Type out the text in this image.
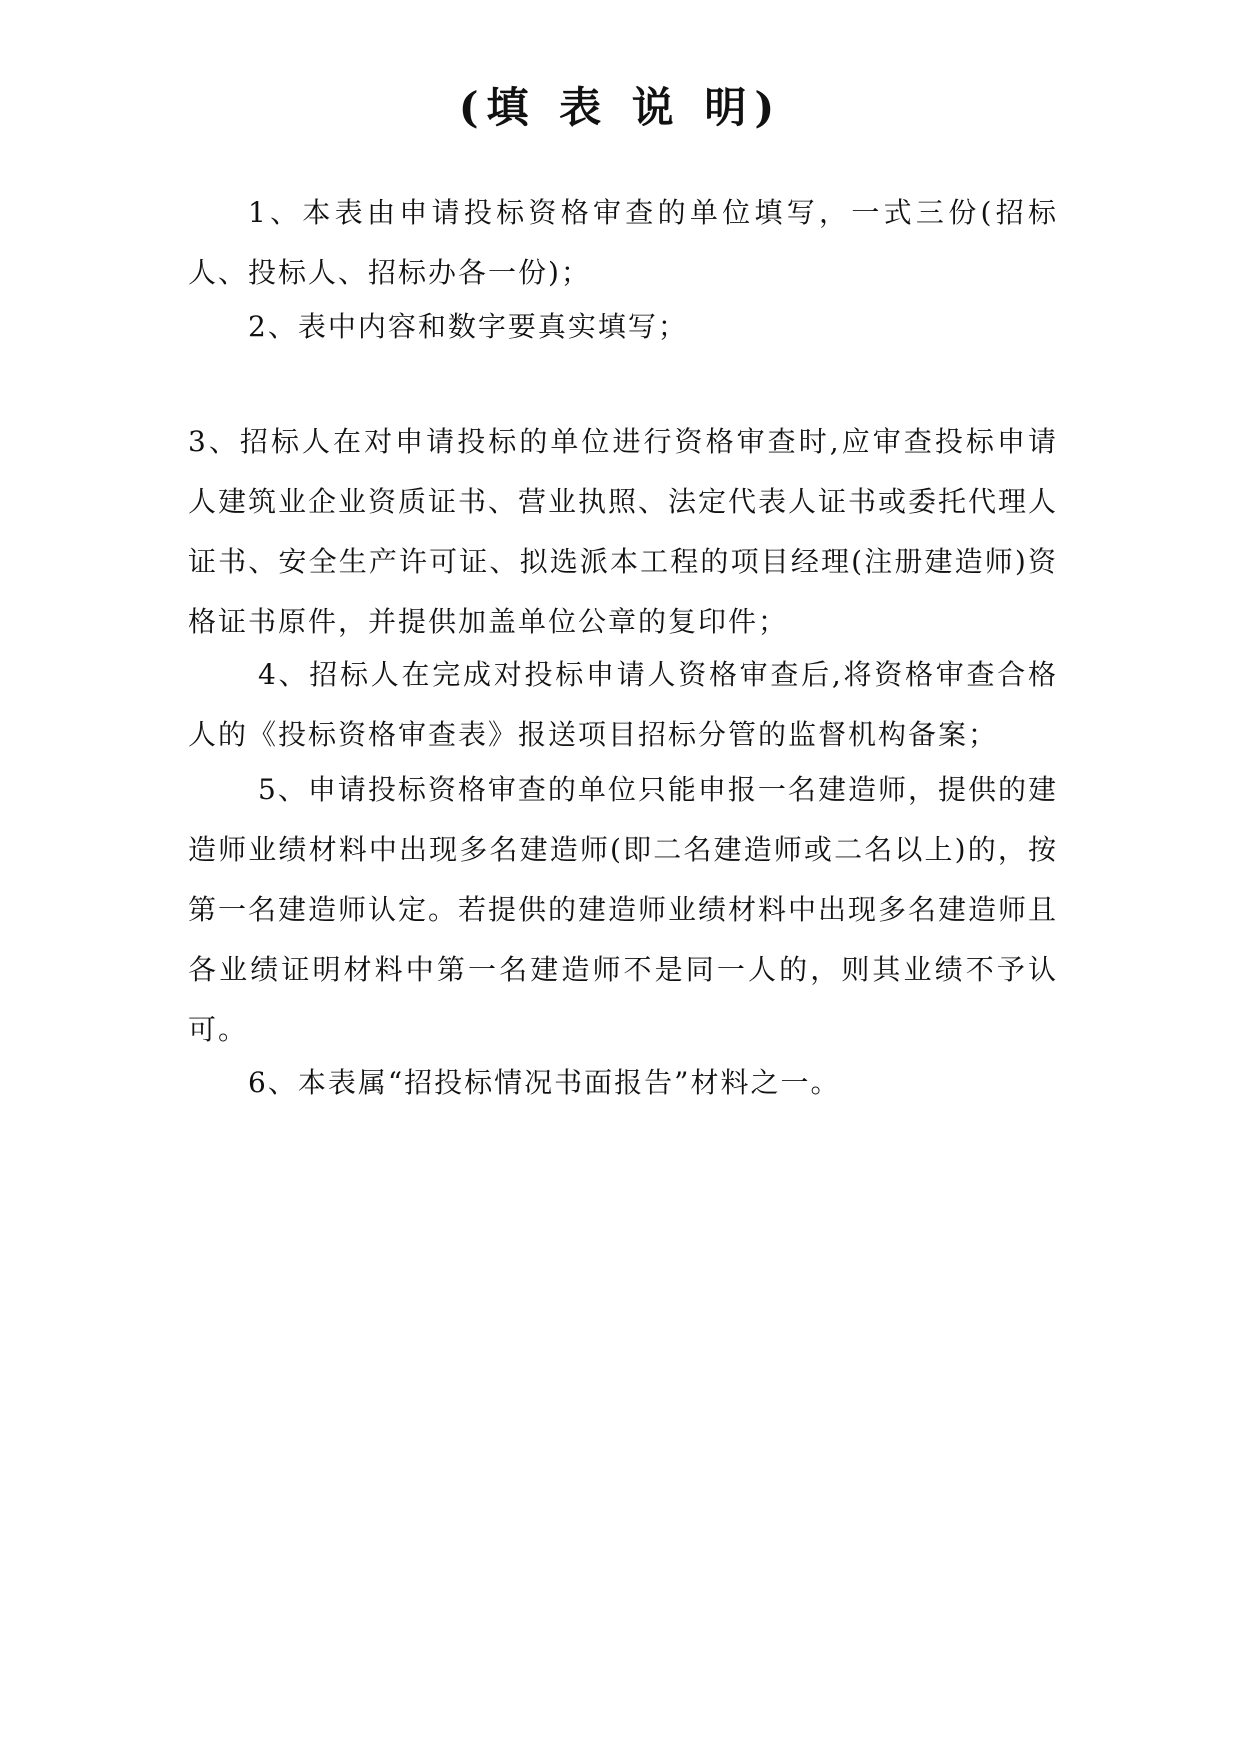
(填 表 说 明)
1、本表由申请投标资格审查的单位填写，一式三份(招标人、投标人、招标办各一份)；
2、表中内容和数字要真实填写；
3、招标人在对申请投标的单位进行资格审查时,应审查投标申请人建筑业企业资质证书、营业执照、法定代表人证书或委托代理人证书、安全生产许可证、拟选派本工程的项目经理(注册建造师)资格证书原件，并提供加盖单位公章的复印件；
4、招标人在完成对投标申请人资格审查后,将资格审查合格人的《投标资格审查表》报送项目招标分管的监督机构备案；
5、申请投标资格审查的单位只能申报一名建造师，提供的建造师业绩材料中出现多名建造师(即二名建造师或二名以上)的，按第一名建造师认定。若提供的建造师业绩材料中出现多名建造师且各业绩证明材料中第一名建造师不是同一人的，则其业绩不予认可。
6、本表属“招投标情况书面报告”材料之一。
